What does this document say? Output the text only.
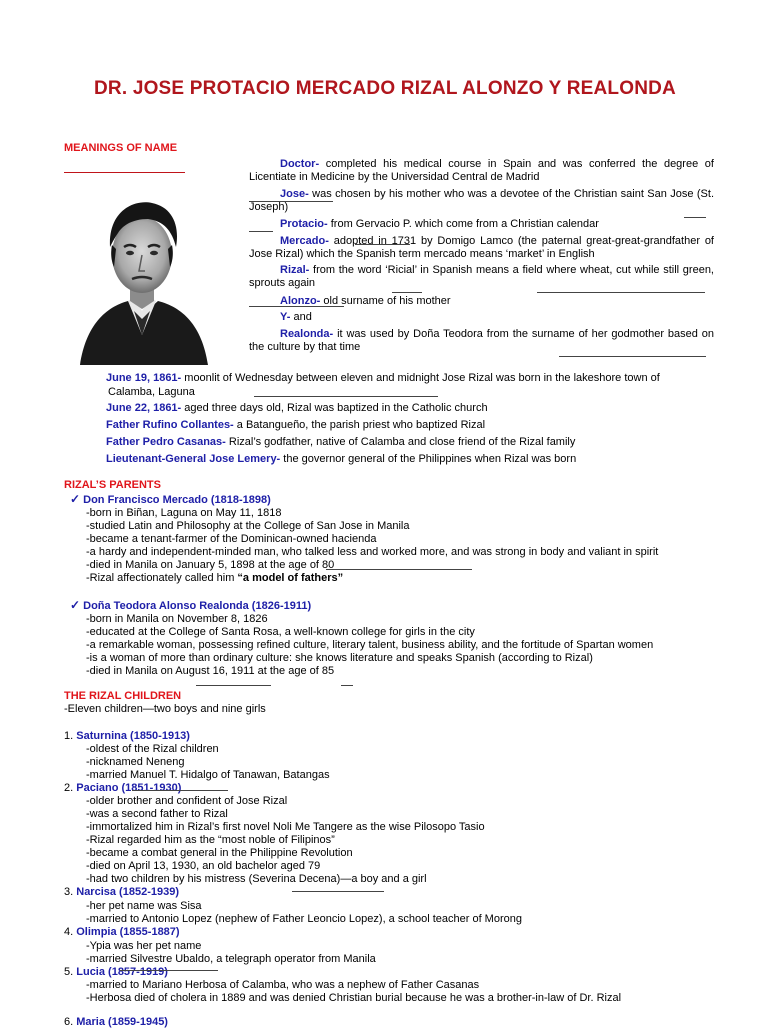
DR. JOSE PROTACIO MERCADO RIZAL ALONZO Y REALONDA
MEANINGS OF NAME
Doctor- completed his medical course in Spain and was conferred the degree of Licentiate in Medicine by the Universidad Central de Madrid
Jose- was chosen by his mother who was a devotee of the Christian saint San Jose (St. Joseph)
Protacio- from Gervacio P. which come from a Christian calendar
Mercado- adopted in 1731 by Domigo Lamco (the paternal great-great-grandfather of Jose Rizal) which the Spanish term mercado means ‘market’ in English
Rizal- from the word ‘Ricial’ in Spanish means a field where wheat, cut while still green, sprouts again
Alonzo- old surname of his mother
Y- and
Realonda- it was used by Doña Teodora from the surname of her godmother based on the culture by that time
June 19, 1861- moonlit of Wednesday between eleven and midnight Jose Rizal was born in the lakeshore town of
Calamba, Laguna
June 22, 1861- aged three days old, Rizal was baptized in the Catholic church
Father Rufino Collantes- a Batangueño, the parish priest who baptized Rizal
Father Pedro Casanas- Rizal’s godfather, native of Calamba and close friend of the Rizal family
Lieutenant-General Jose Lemery- the governor general of the Philippines when Rizal was born
RIZAL’S PARENTS
✓ Don Francisco Mercado (1818-1898)
-born in Biñan, Laguna on May 11, 1818
-studied Latin and Philosophy at the College of San Jose in Manila
-became a tenant-farmer of the Dominican-owned hacienda
-a hardy and independent-minded man, who talked less and worked more, and was strong in body and valiant in spirit
-died in Manila on January 5, 1898 at the age of 80
-Rizal affectionately called him “a model of fathers”
✓ Doña Teodora Alonso Realonda (1826-1911)
-born in Manila on November 8, 1826
-educated at the College of Santa Rosa, a well-known college for girls in the city
-a remarkable woman, possessing refined culture, literary talent, business ability, and the fortitude of Spartan women
-is a woman of more than ordinary culture: she knows literature and speaks Spanish (according to Rizal)
-died in Manila on August 16, 1911 at the age of 85
THE RIZAL CHILDREN
-Eleven children—two boys and nine girls
1. Saturnina (1850-1913)
-oldest of the Rizal children
-nicknamed Neneng
-married Manuel T. Hidalgo of Tanawan, Batangas
2. Paciano (1851-1930)
-older brother and confident of Jose Rizal
-was a second father to Rizal
-immortalized him in Rizal’s first novel Noli Me Tangere as the wise Pilosopo Tasio
-Rizal regarded him as the “most noble of Filipinos”
-became a combat general in the Philippine Revolution
-died on April 13, 1930, an old bachelor aged 79
-had two children by his mistress (Severina Decena)—a boy and a girl
3. Narcisa (1852-1939)
-her pet name was Sisa
-married to Antonio Lopez (nephew of Father Leoncio Lopez), a school teacher of Morong
4. Olimpia (1855-1887)
-Ypia was her pet name
-married Silvestre Ubaldo, a telegraph operator from Manila
5. Lucia (1857-1919)
-married to Mariano Herbosa of Calamba, who was a nephew of Father Casanas
-Herbosa died of cholera in 1889 and was denied Christian burial because he was a brother-in-law of Dr. Rizal
6. Maria (1859-1945)
